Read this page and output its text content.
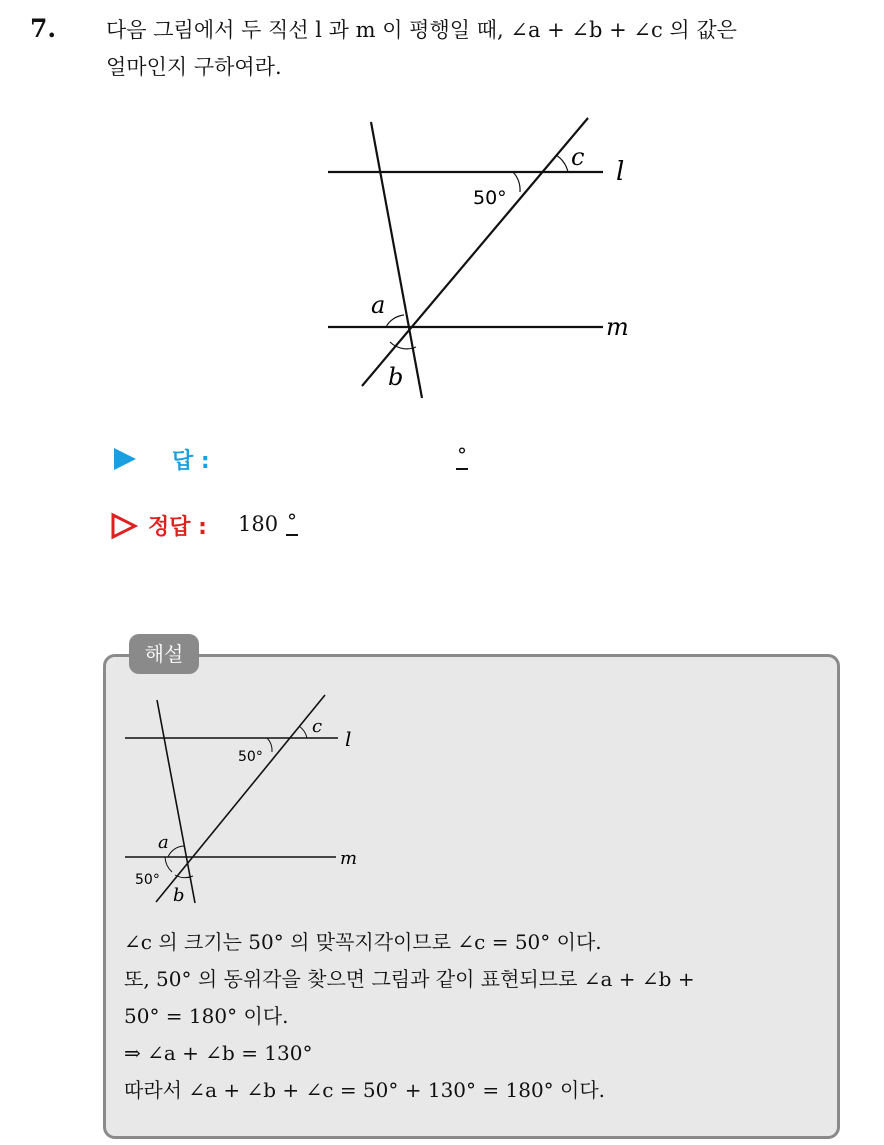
7. 다음 그림에서 두 직선 l 과 m 이 평행일 때, ∠a + ∠b + ∠c 의 값은
얼마인지 구하여라.
l
m
a
b
c
50°
답 :	°
정답 : 180 °
해설
l
m
a
b
c
50°
50°
∠c 의 크기는 50° 의 맞꼭지각이므로 ∠c = 50° 이다.
또, 50° 의 동위각을 찾으면 그림과 같이 표현되므로 ∠a + ∠b +
50° = 180° 이다.
⇒ ∠a + ∠b = 130°
따라서 ∠a + ∠b + ∠c = 50° + 130° = 180° 이다.
